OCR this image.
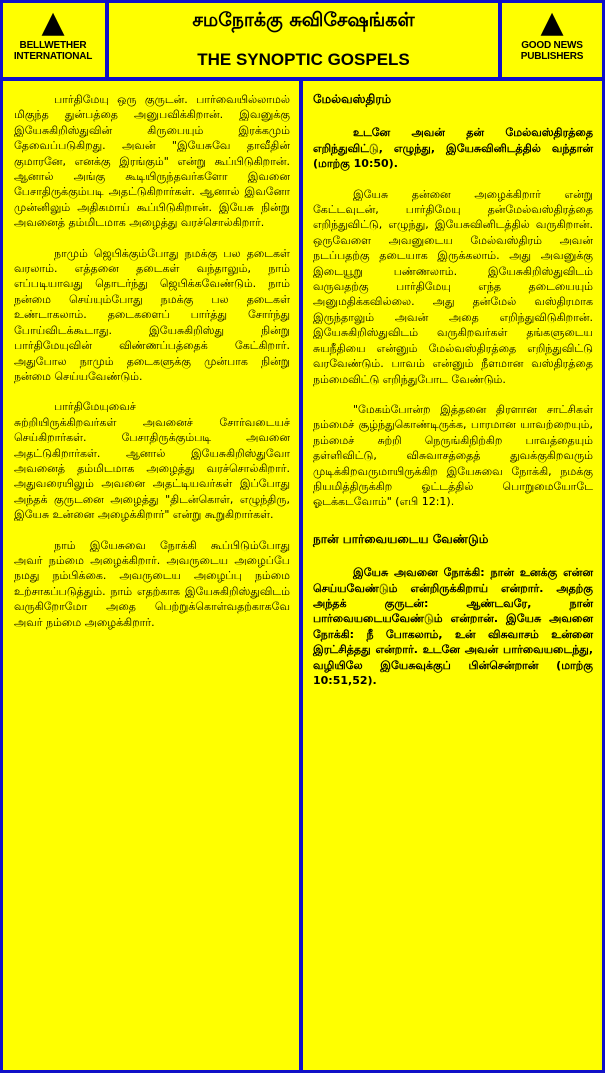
▲
BELLWETHER
INTERNATIONAL
▲
GOOD NEWS
PUBLISHERS
சமநோக்கு சுவிசேஷங்கள்
THE SYNOPTIC GOSPELS

பார்திமேயு ஒரு குருடன். பார்வையில்லாமல் மிகுந்த துன்பத்தை அனுபவிக்கிறான். இவனுக்கு இயேசுகிறிஸ்துவின் கிருபையும் இரக்கமும் தேவைப்படுகிறது. அவன் "இயேசுவே தாவீதின் குமாரனே, எனக்கு இரங்கும்" என்று கூப்பிடுகிறான். ஆனால் அங்கு கூடியிருந்தவர்களோ இவனை பேசாதிருக்கும்படி அதட்டுகிறார்கள். ஆனால் இவனோ முன்னிலும் அதிகமாய் கூப்பிடுகிறான். இயேசு நின்று அவனைத் தம்மிடமாக அழைத்து வரச்சொல்கிறார்.

நாமும் ஜெபிக்கும்போது நமக்கு பல தடைகள் வரலாம். எத்தனை தடைகள் வந்தாலும், நாம் எப்படியாவது தொடர்ந்து ஜெபிக்கவேண்டும். நாம் நன்மை செய்யும்போது நமக்கு பல தடைகள் உண்டாகலாம். தடைகளைப் பார்த்து சோர்ந்து போய்விடக்கூடாது. இயேசுகிறிஸ்து நின்று பார்திமேயுவின் விண்ணப்பத்தைக் கேட்கிறார். அதுபோல நாமும் தடைகளுக்கு முன்பாக நின்று நன்மை செய்யவேண்டும்.

பார்திமேயுவைச்
சுற்றியிருக்கிறவர்கள் அவனைச் சோர்வடையச் செய்கிறார்கள். பேசாதிருக்கும்படி அவனை அதட்டுகிறார்கள். ஆனால் இயேசுகிறிஸ்துவோ அவனைத் தம்மிடமாக அழைத்து வரச்சொல்கிறார். அதுவரையிலும் அவனை அதட்டியவர்கள் இப்போது அந்தக் குருடனை அழைத்து "திடன்கொள், எழுந்திரு, இயேசு உன்னை அழைக்கிறார்" என்று கூறுகிறார்கள்.

நாம் இயேசுவை நோக்கி கூப்பிடும்போது அவர் நம்மை அழைக்கிறார். அவருடைய அழைப்பே நமது நம்பிக்கை. அவருடைய அழைப்பு நம்மை உற்சாகப்படுத்தும். நாம் எதற்காக இயேசுகிறிஸ்துவிடம் வருகிறோமோ அதை பெற்றுக்கொள்வதற்காகவே அவர் நம்மை அழைக்கிறார்.

மேல்வஸ்திரம்

உடனே அவன் தன் மேல்வஸ்திரத்தை எறிந்துவிட்டு, எழுந்து, இயேசுவினிடத்தில் வந்தான் (மாற்கு 10:50).

இயேசு தன்னை அழைக்கிறார் என்று கேட்டவுடன், பார்திமேயு தன்மேல்வஸ்திரத்தை எறிந்துவிட்டு, எழுந்து, இயேசுவினிடத்தில் வருகிறான். ஒருவேளை அவனுடைய மேல்வஸ்திரம் அவன் நடப்பதற்கு தடையாக இருக்கலாம். அது அவனுக்கு இடையூறு பண்ணலாம். இயேசுகிறிஸ்துவிடம் வருவதற்கு பார்திமேயு எந்த தடையையும் அனுமதிக்கவில்லை. அது தன்மேல் வஸ்திரமாக இருந்தாலும் அவன் அதை எறிந்துவிடுகிறான். இயேசுகிறிஸ்துவிடம் வருகிறவர்கள் தங்களுடைய சுயநீதியை என்னும் மேல்வஸ்திரத்தை எறிந்துவிட்டு வரவேண்டும். பாவம் என்னும் நீளமான வஸ்திரத்தை நம்மைவிட்டு எறிந்துபோட வேண்டும்.

"மேகம்போன்ற இத்தனை திரளான சாட்சிகள் நம்மைச் சூழ்ந்துகொண்டிருக்க, பாரமான யாவற்றையும், நம்மைச் சுற்றி நெருங்கிநிற்கிற பாவத்தையும் தள்ளிவிட்டு, விசுவாசத்தைத் துவக்குகிறவரும் முடிக்கிறவருமாயிருக்கிற இயேசுவை நோக்கி, நமக்கு நியமித்திருக்கிற ஓட்டத்தில் பொறுமையோடே ஓடக்கடவோம்" (எபி 12:1).

நான் பார்வையடைய வேண்டும்

இயேசு அவனை நோக்கி: நான் உனக்கு என்ன செய்யவேண்டும் என்றிருக்கிறாய் என்றார். அதற்கு அந்தக் குருடன்: ஆண்டவரே, நான் பார்வையடையவேண்டும் என்றான். இயேசு அவனை நோக்கி: நீ போகலாம், உன் விசுவாசம் உன்னை இரட்சித்தது என்றார். உடனே அவன் பார்வையடைந்து, வழியிலே இயேசுவுக்குப் பின்சென்றான் (மாற்கு 10:51,52).
